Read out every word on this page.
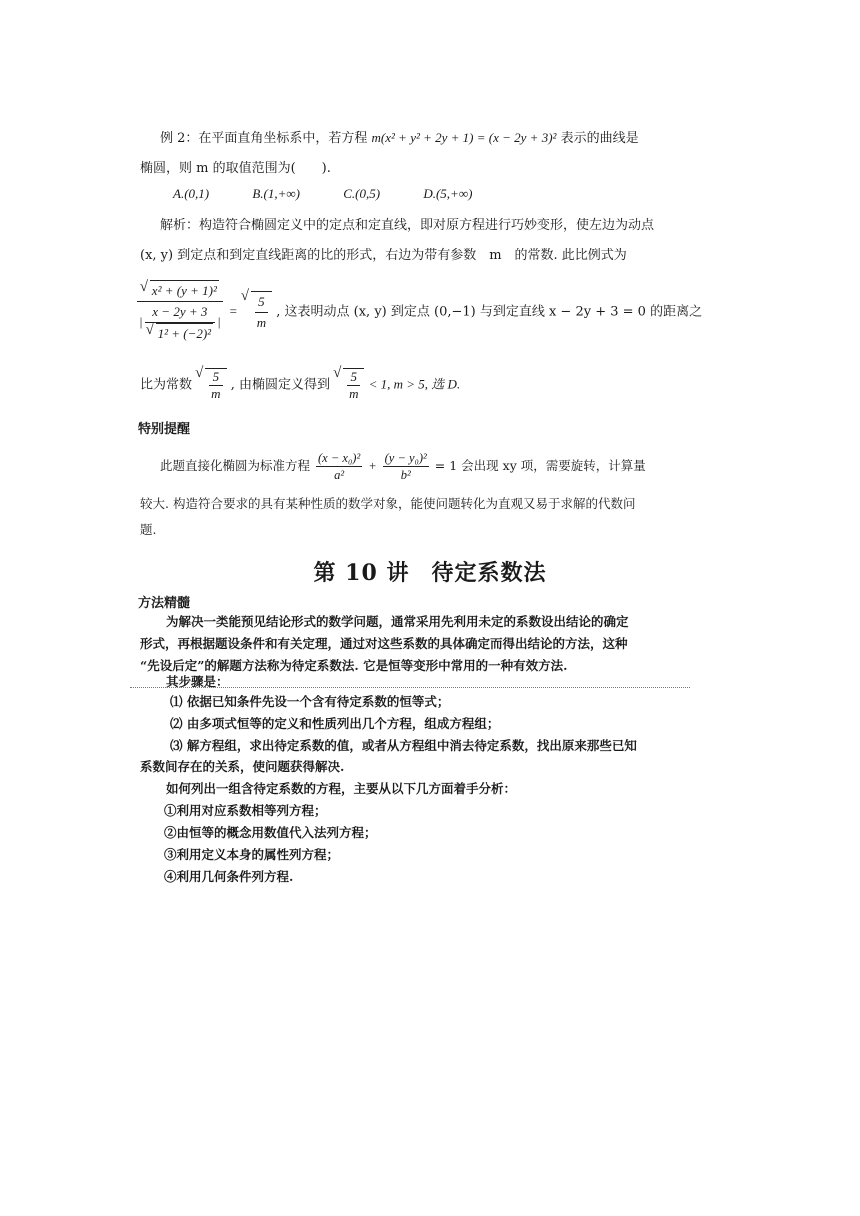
例 2：在平面直角坐标系中，若方程 m(x² + y² + 2y + 1) = (x − 2y + 3)² 表示的曲线是
椭圆，则 m 的取值范围为(　　).
A.(0,1)	B.(1,+∞)	C.(0,5)	D.(5,+∞)
解析：构造符合椭圆定义中的定点和定直线，即对原方程进行巧妙变形，使左边为动点
(x, y) 到定点和到定直线距离的比的形式，右边为带有参数　m　的常数. 此比例式为
√ x² + (y + 1)²
| x − 2y + 3
√ 1² + (−2)² | = √ $\frac{5}{m}$ , 这表明动点 (x, y) 到定点 (0,−1) 与到定直线 x − 2y + 3 = 0 的距离之
比为常数 √ $\frac{5}{m}$ , 由椭圆定义得到 √ $\frac{5}{m} < 1$, m > 5, 选 D.
特别提醒
此题直接化椭圆为标准方程 $\frac{\text{(x − x₀)²}}{\text{a²}} + \frac{\text{(y − y₀)²}}{\text{b²}} = 1$ 会出现 xy 项，需要旋转，计算量
较大. 构造符合要求的具有某种性质的数学对象，能使问题转化为直观又易于求解的代数问
题.
第 10 讲 待定系数法
方法精髓
为解决一类能预见结论形式的数学问题，通常采用先利用未定的系数设出结论的确定
形式，再根据题设条件和有关定理，通过对这些系数的具体确定而得出结论的方法，这种
“先设后定”的解题方法称为待定系数法. 它是恒等变形中常用的一种有效方法.
其步骤是：
⑴ 依据已知条件先设一个含有待定系数的恒等式；
⑵ 由多项式恒等的定义和性质列出几个方程，组成方程组；
⑶ 解方程组，求出待定系数的值，或者从方程组中消去待定系数，找出原来那些已知
系数间存在的关系，使问题获得解决.
如何列出一组含待定系数的方程，主要从以下几方面着手分析：
①利用对应系数相等列方程；
②由恒等的概念用数值代入法列方程；
③利用定义本身的属性列方程；
④利用几何条件列方程.
